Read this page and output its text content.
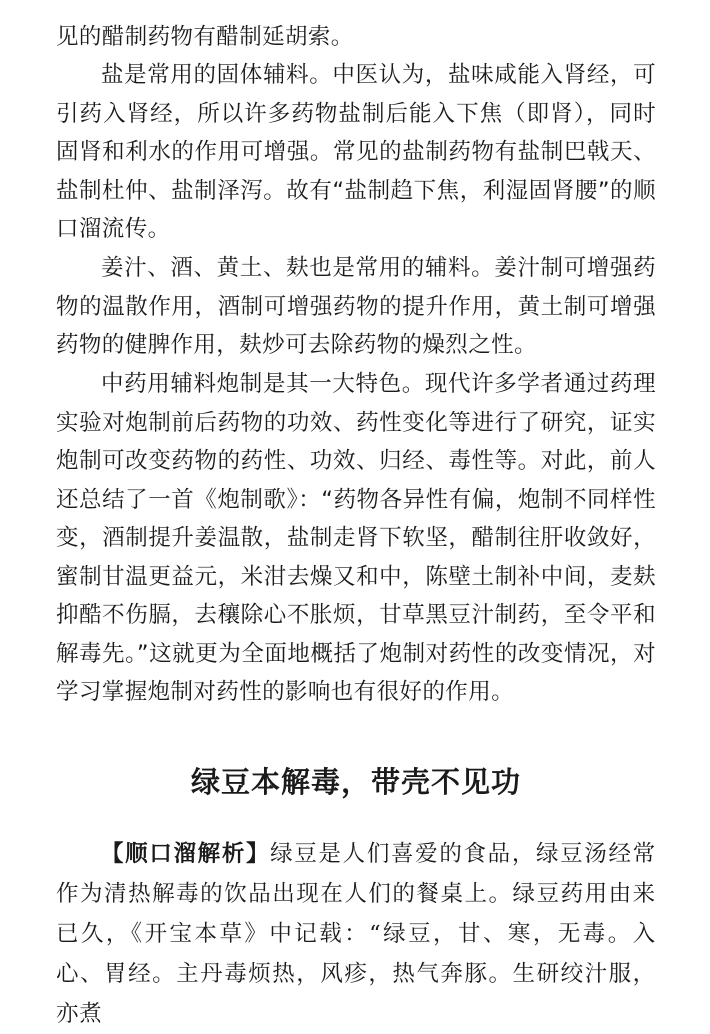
见的醋制药物有醋制延胡索。

盐是常用的固体辅料。中医认为，盐味咸能入肾经，可引药入肾经，所以许多药物盐制后能入下焦（即肾），同时固肾和利水的作用可增强。常见的盐制药物有盐制巴戟天、盐制杜仲、盐制泽泻。故有“盐制趋下焦，利湿固肾腰”的顺口溜流传。

姜汁、酒、黄土、麸也是常用的辅料。姜汁制可增强药物的温散作用，酒制可增强药物的提升作用，黄土制可增强药物的健脾作用，麸炒可去除药物的燥烈之性。

中药用辅料炮制是其一大特色。现代许多学者通过药理实验对炮制前后药物的功效、药性变化等进行了研究，证实炮制可改变药物的药性、功效、归经、毒性等。对此，前人还总结了一首《炮制歌》：“药物各异性有偏，炮制不同样性变，酒制提升姜温散，盐制走肾下软坚，醋制往肝收敛好，蜜制甘温更益元，米泔去燥又和中，陈壁土制补中间，麦麸抑酷不伤膈，去穰除心不胀烦，甘草黑豆汁制药，至令平和解毒先。”这就更为全面地概括了炮制对药性的改变情况，对学习掌握炮制对药性的影响也有很好的作用。

绿豆本解毒，带壳不见功

【顺口溜解析】绿豆是人们喜爱的食品，绿豆汤经常作为清热解毒的饮品出现在人们的餐桌上。绿豆药用由来已久，《开宝本草》中记载：“绿豆，甘、寒，无毒。入心、胃经。主丹毒烦热，风疹，热气奔豚。生研绞汁服，亦煮
